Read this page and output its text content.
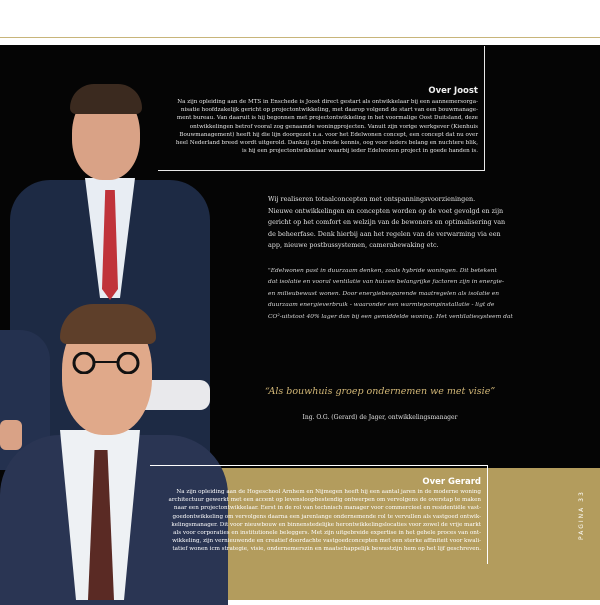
Over Joost
Na zijn opleiding aan de MTS in Enschede is Joost direct gestart als ontwikkelaar bij een aannemersorga-
nisatie hoofdzakelijk gericht op projectontwikkeling, met daarop volgend de start van een bouwmanage-
ment bureau. Van daaruit is hij begonnen met projectontwikkeling in het voormalige Oost Duitsland, deze
ontwikkelingen betrof vooral zog genaamde woningprojecten. Vanuit zijn vorige werkgever (Kienhuis
Bouwmanagement) heeft hij die lijn doorgezet n.a. voor het Edelwonen concept, een concept dat nu over
heel Nederland breed wordt uitgerold. Dankzij zijn brede kennis, oog voor ieders belang en nuchtere blik,
is hij een projectontwikkelaar waarbij ieder Edelwonen project in goede handen is.
Wij realiseren totaalconcepten met ontspanningsvoorzieningen.
Nieuwe ontwikkelingen en concepten worden op de voet gevolgd en zijn
gericht op het comfort en welzijn van de bewoners en optimalisering van
de beheerfase. Denk hierbij aan het regelen van de verwarming via een
app, nieuwe postbussystemen, camerabewaking etc.
"Edelwonen past in duurzaam denken, zoals hybride woningen. Dit betekent
dat isolatie en vooral ventilatie van huizen belangrijke factoren zijn in energie-
en milieubewust wonen. Door energiebesparende maatregelen als isolatie en
duurzaam energieverbruik - waaronder een warmtepompinstallatie - ligt de
CO²-uitstoot 40% lager dan bij een gemiddelde woning. Het ventilatiesysteem dat
“Als bouwhuis groep ondernemen we met visie”
Ing. O.G. (Gerard) de Jager, ontwikkelingsmanager
Over Gerard
Na zijn opleiding aan de Hogeschool Arnhem en Nijmegen heeft hij een aantal jaren in de moderne woning
architectuur gewerkt met een accent op levensloopbestendig ontwerpen om vervolgens de overstap te maken
naar een projectontwikkelaar. Eerst in de rol van technisch manager voor commercieel en residentiële vast-
goedontwikkeling om vervolgens daarna een jarenlange ondernemende rol te vervullen als vastgoed ontwik-
kelingsmanager. Dit voor nieuwbouw en binnenstedelijke herontwikkelingslocaties voor zowel de vrije markt
als voor corporaties en institutionele beleggers. Met zijn uitgebreide expertise in het gehele proces van ont-
wikkeling, zijn vernieuwende en creatief doordachte vastgoedconcepten met een sterke affiniteit voor kwali-
tatief wonen icm strategie, visie, ondernemerszin en maatschappelijk bewustzijn hem op het lijf geschreven.
PAGINA 33
